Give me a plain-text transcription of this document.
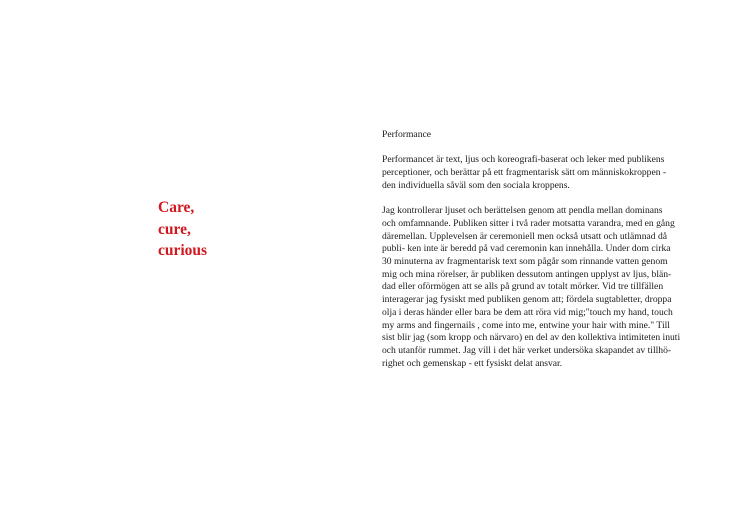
Care,
cure,
curious
Performance
Performancet är text, ljus och koreografi-baserat och leker med publikens
perceptioner, och berättar på ett fragmentarisk sätt om människokroppen -
den individuella såväl som den sociala kroppens.
Jag kontrollerar ljuset och berättelsen genom att pendla mellan dominans
och omfamnande. Publiken sitter i två rader motsatta varandra, med en gång
däremellan. Upplevelsen är ceremoniell men också utsatt och utlämnad då
publi- ken inte är beredd på vad ceremonin kan innehålla. Under dom cirka
30 minuterna av fragmentarisk text som pågår som rinnande vatten genom
mig och mina rörelser, är publiken dessutom antingen upplyst av ljus, blän-
dad eller oförmögen att se alls på grund av totalt mörker. Vid tre tillfällen
interagerar jag fysiskt med publiken genom att; fördela sugtabletter, droppa
olja i deras händer eller bara be dem att röra vid mig;"touch my hand, touch
my arms and fingernails , come into me, entwine your hair with mine." Till
sist blir jag (som kropp och närvaro) en del av den kollektiva intimiteten inuti
och utanför rummet. Jag vill i det här verket undersöka skapandet av tillhö-
righet och gemenskap - ett fysiskt delat ansvar.
